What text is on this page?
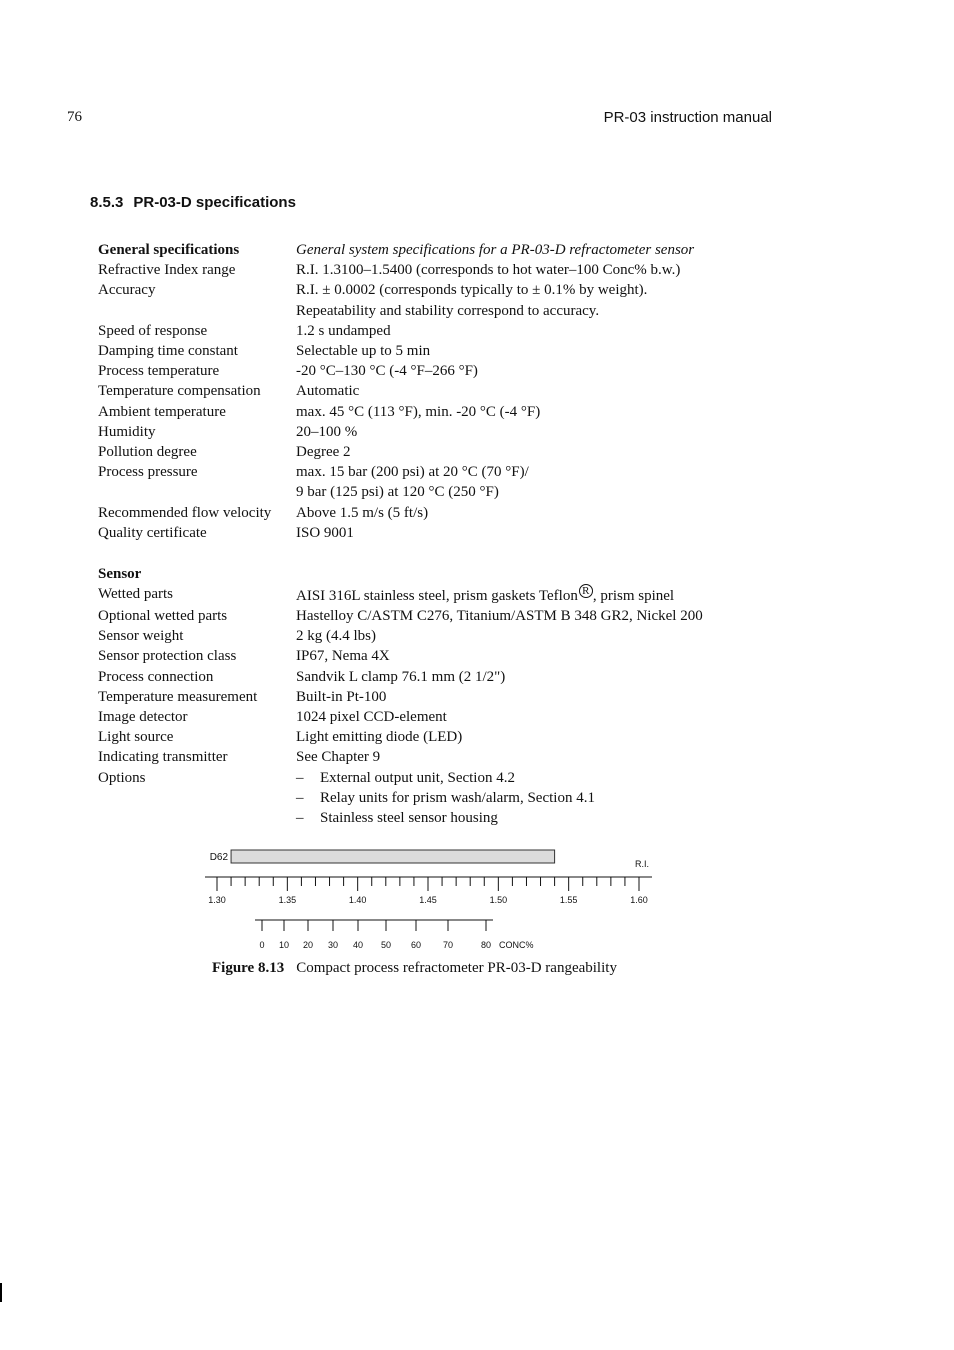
76	PR-03 instruction manual
8.5.3 PR-03-D specifications
General specifications	General system specifications for a PR-03-D refractometer sensor
Refractive Index range	R.I. 1.3100–1.5400 (corresponds to hot water–100 Conc% b.w.)
Accuracy	R.I. ± 0.0002 (corresponds typically to ± 0.1% by weight).
Repeatability and stability correspond to accuracy.
Speed of response	1.2 s undamped
Damping time constant	Selectable up to 5 min
Process temperature	-20 °C–130 °C (-4 °F–266 °F)
Temperature compensation	Automatic
Ambient temperature	max. 45 °C (113 °F), min. -20 °C (-4 °F)
Humidity	20–100 %
Pollution degree	Degree 2
Process pressure	max. 15 bar (200 psi) at 20 °C (70 °F)/
9 bar (125 psi) at 120 °C (250 °F)
Recommended flow velocity	Above 1.5 m/s (5 ft/s)
Quality certificate	ISO 9001
Sensor
Wetted parts	AISI 316L stainless steel, prism gaskets Teflon R , prism spinel
Optional wetted parts	Hastelloy C/ASTM C276, Titanium/ASTM B 348 GR2, Nickel 200
Sensor weight	2 kg (4.4 lbs)
Sensor protection class	IP67, Nema 4X
Process connection	Sandvik L clamp 76.1 mm (2 1/2")
Temperature measurement	Built-in Pt-100
Image detector	1024 pixel CCD-element
Light source	Light emitting diode (LED)
Indicating transmitter	See Chapter 9
Options	– External output unit, Section 4.2
– Relay units for prism wash/alarm, Section 4.1
– Stainless steel sensor housing
D62
R.I.
1.30	1.35	1.40	1.45	1.50	1.55	1.60
0 10 20 30 40 50 60 70	80 CONC%
Figure 8.13 Compact process refractometer PR-03-D rangeability
